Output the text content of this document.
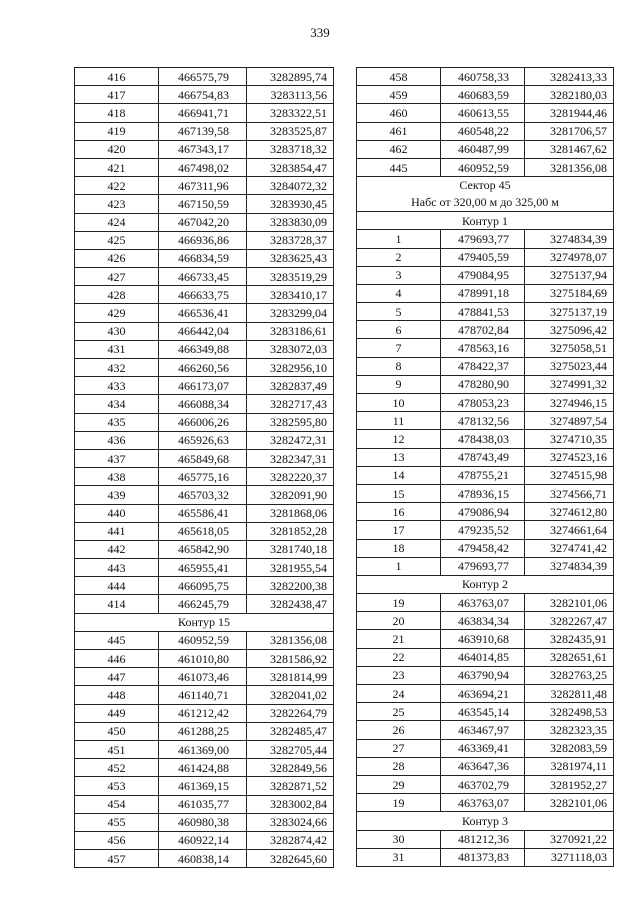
339
416	466575,79	3282895,74
417	466754,83	3283113,56
418	466941,71	3283322,51
419	467139,58	3283525,87
420	467343,17	3283718,32
421	467498,02	3283854,47
422	467311,96	3284072,32
423	467150,59	3283930,45
424	467042,20	3283830,09
425	466936,86	3283728,37
426	466834,59	3283625,43
427	466733,45	3283519,29
428	466633,75	3283410,17
429	466536,41	3283299,04
430	466442,04	3283186,61
431	466349,88	3283072,03
432	466260,56	3282956,10
433	466173,07	3282837,49
434	466088,34	3282717,43
435	466006,26	3282595,80
436	465926,63	3282472,31
437	465849,68	3282347,31
438	465775,16	3282220,37
439	465703,32	3282091,90
440	465586,41	3281868,06
441	465618,05	3281852,28
442	465842,90	3281740,18
443	465955,41	3281955,54
444	466095,75	3282200,38
414	466245,79	3282438,47

Контур 15		

445	460952,59	3281356,08
446	461010,80	3281586,92
447	461073,46	3281814,99
448	461140,71	3282041,02
449	461212,42	3282264,79
450	461288,25	3282485,47
451	461369,00	3282705,44
452	461424,88	3282849,56
453	461369,15	3282871,52
454	461035,77	3283002,84
455	460980,38	3283024,66
456	460922,14	3282874,42
457	460838,14	3282645,60
458	460758,33	3282413,33
459	460683,59	3282180,03
460	460613,55	3281944,46
461	460548,22	3281706,57
462	460487,99	3281467,62
445	460952,59	3281356,08

Сектор 45
Набс от 320,00 м до 325,00 м		

Контур 1		

1	479693,77	3274834,39
2	479405,59	3274978,07
3	479084,95	3275137,94
4	478991,18	3275184,69
5	478841,53	3275137,19
6	478702,84	3275096,42
7	478563,16	3275058,51
8	478422,37	3275023,44
9	478280,90	3274991,32
10	478053,23	3274946,15
11	478132,56	3274897,54
12	478438,03	3274710,35
13	478743,49	3274523,16
14	478755,21	3274515,98
15	478936,15	3274566,71
16	479086,94	3274612,80
17	479235,52	3274661,64
18	479458,42	3274741,42
1	479693,77	3274834,39

Контур 2		

19	463763,07	3282101,06
20	463834,34	3282267,47
21	463910,68	3282435,91
22	464014,85	3282651,61
23	463790,94	3282763,25
24	463694,21	3282811,48
25	463545,14	3282498,53
26	463467,97	3282323,35
27	463369,41	3282083,59
28	463647,36	3281974,11
29	463702,79	3281952,27
19	463763,07	3282101,06

Контур 3		

30	481212,36	3270921,22
31	481373,83	3271118,03
